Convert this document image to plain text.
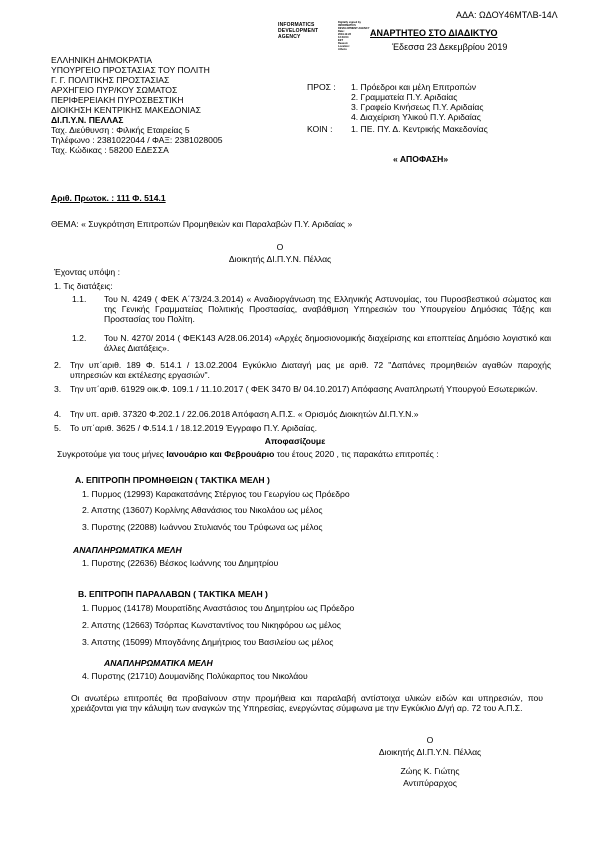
ΑΔΑ: ΩΔΟΥ46ΜΤΛΒ-14Λ
INFORMATICS
DEVELOPMENT
AGENCY
Digitally signed by
INFORMATICS
DEVELOPMENT AGENCY
Date:
2019.12.23
12:49:04
EET
Reason:
Location:
Athens
ΑΝΑΡΤΗΤΕΟ ΣΤΟ ΔΙΑΔΙΚΤΥΟ
Έδεσσα 23 Δεκεμβρίου 2019
ΕΛΛΗΝΙΚΗ ΔΗΜΟΚΡΑΤΙΑ
ΥΠΟΥΡΓΕΙΟ ΠΡΟΣΤΑΣΙΑΣ ΤΟΥ ΠΟΛΙΤΗ
Γ. Γ. ΠΟΛΙΤΙΚΗΣ ΠΡΟΣΤΑΣΙΑΣ
ΑΡΧΗΓΕΙΟ ΠΥΡ/ΚΟΥ ΣΩΜΑΤΟΣ
ΠΕΡΙΦΕΡΕΙΑΚΗ ΠΥΡΟΣΒΕΣΤΙΚΗ
ΔΙΟΙΚΗΣΗ ΚΕΝΤΡΙΚΗΣ ΜΑΚΕΔΟΝΙΑΣ
ΔΙ.Π.Υ.Ν. ΠΕΛΛΑΣ
Ταχ. Διεύθυνση : Φιλικής Εταιρείας 5
Τηλέφωνο : 2381022044 / ΦΑΞ: 2381028005
Ταχ. Κώδικας : 58200 ΕΔΕΣΣΑ
ΠΡΟΣ : 1. Πρόεδροι και μέλη Επιτροπών
2. Γραμματεία Π.Υ. Αριδαίας
3. Γραφείο Κινήσεως Π.Υ. Αριδαίας
4. Διαχείριση Υλικού Π.Υ. Αριδαίας
ΚΟΙΝ : 1. ΠΕ. ΠΥ. Δ. Κεντρικής Μακεδονίας
« ΑΠΟΦΑΣΗ»
Αριθ. Πρωτοκ. : 111 Φ. 514.1
ΘΕΜΑ: « Συγκρότηση Επιτροπών Προμηθειών και Παραλαβών Π.Υ. Αριδαίας »
Ο
Διοικητής ΔΙ.Π.Υ.Ν. Πέλλας
Έχοντας υπόψη :
1. Τις διατάξεις:
1.1. Του Ν. 4249 ( ΦΕΚ Α΄73/24.3.2014) « Αναδιοργάνωση της Ελληνικής Αστυνομίας, του Πυροσβεστικού σώματος και της Γενικής Γραμματείας Πολιτικής Προστασίας, αναβάθμιση Υπηρεσιών του Υπουργείου Δημόσιας Τάξης και Προστασίας του Πολίτη.
1.2. Του Ν. 4270/ 2014 ( ΦΕΚ143 Α/28.06.2014) «Αρχές δημοσιονομικής διαχείρισης και εποπτείας Δημόσιο λογιστικό και άλλες Διατάξεις».
2. Την υπ΄αριθ. 189 Φ. 514.1 / 13.02.2004 Εγκύκλιο Διαταγή μας με αριθ. 72 "Δαπάνες προμηθειών αγαθών παροχής υπηρεσιών και εκτέλεσης εργασιών".
3. Την υπ΄αριθ. 61929 οικ.Φ. 109.1 / 11.10.2017 ( ΦΕΚ 3470 Β/ 04.10.2017) Απόφασης Αναπληρωτή Υπουργού Εσωτερικών.
4. Την υπ. αριθ. 37320 Φ.202.1 / 22.06.2018 Απόφαση Α.Π.Σ. « Ορισμός Διοικητών ΔΙ.Π.Υ.Ν.»
5. Το υπ΄αριθ. 3625 / Φ.514.1 / 18.12.2019 Έγγραφο Π.Υ. Αριδαίας.
Αποφασίζουμε
Συγκροτούμε για τους μήνες Ιανουάριο και Φεβρουάριο του έτους 2020 , τις παρακάτω επιτροπές :
Α. ΕΠΙΤΡΟΠΗ ΠΡΟΜΗΘΕΙΩΝ ( ΤΑΚΤΙΚΑ ΜΕΛΗ )
1. Πυρμος (12993) Καρακατσάνης Στέργιος του Γεωργίου ως Πρόεδρο
2. Απστης (13607) Κορλίνης Αθανάσιος του Νικολάου ως μέλος
3. Πυρστης (22088) Ιωάννου Στυλιανός του Τρύφωνα ως μέλος
ΑΝΑΠΛΗΡΩΜΑΤΙΚΑ ΜΕΛΗ
1. Πυρστης (22636) Βέσκος Ιωάννης του Δημητρίου
Β. ΕΠΙΤΡΟΠΗ ΠΑΡΑΛΑΒΩΝ ( ΤΑΚΤΙΚΑ ΜΕΛΗ )
1. Πυρμος (14178) Μουρατίδης Αναστάσιος του Δημητρίου ως Πρόεδρο
2. Απστης (12663) Τσόρπας Κωνσταντίνος του Νικηφόρου ως μέλος
3. Απστης (15099) Μπογδάνης Δημήτριος του Βασιλείου ως μέλος
ΑΝΑΠΛΗΡΩΜΑΤΙΚΑ ΜΕΛΗ
4. Πυρστης (21710) Δουμανίδης Πολύκαρπος του Νικολάου
Οι ανωτέρω επιτροπές θα προβαίνουν στην προμήθεια και παραλαβή αντίστοιχα υλικών ειδών και υπηρεσιών, που χρειάζονται για την κάλυψη των αναγκών της Υπηρεσίας, ενεργώντας σύμφωνα με την Εγκύκλιο Δ/γή αρ. 72 του Α.Π.Σ.
Ο
Διοικητής ΔΙ.Π.Υ.Ν. Πέλλας
Ζώης Κ. Γιώτης
Αντιπύραρχος
